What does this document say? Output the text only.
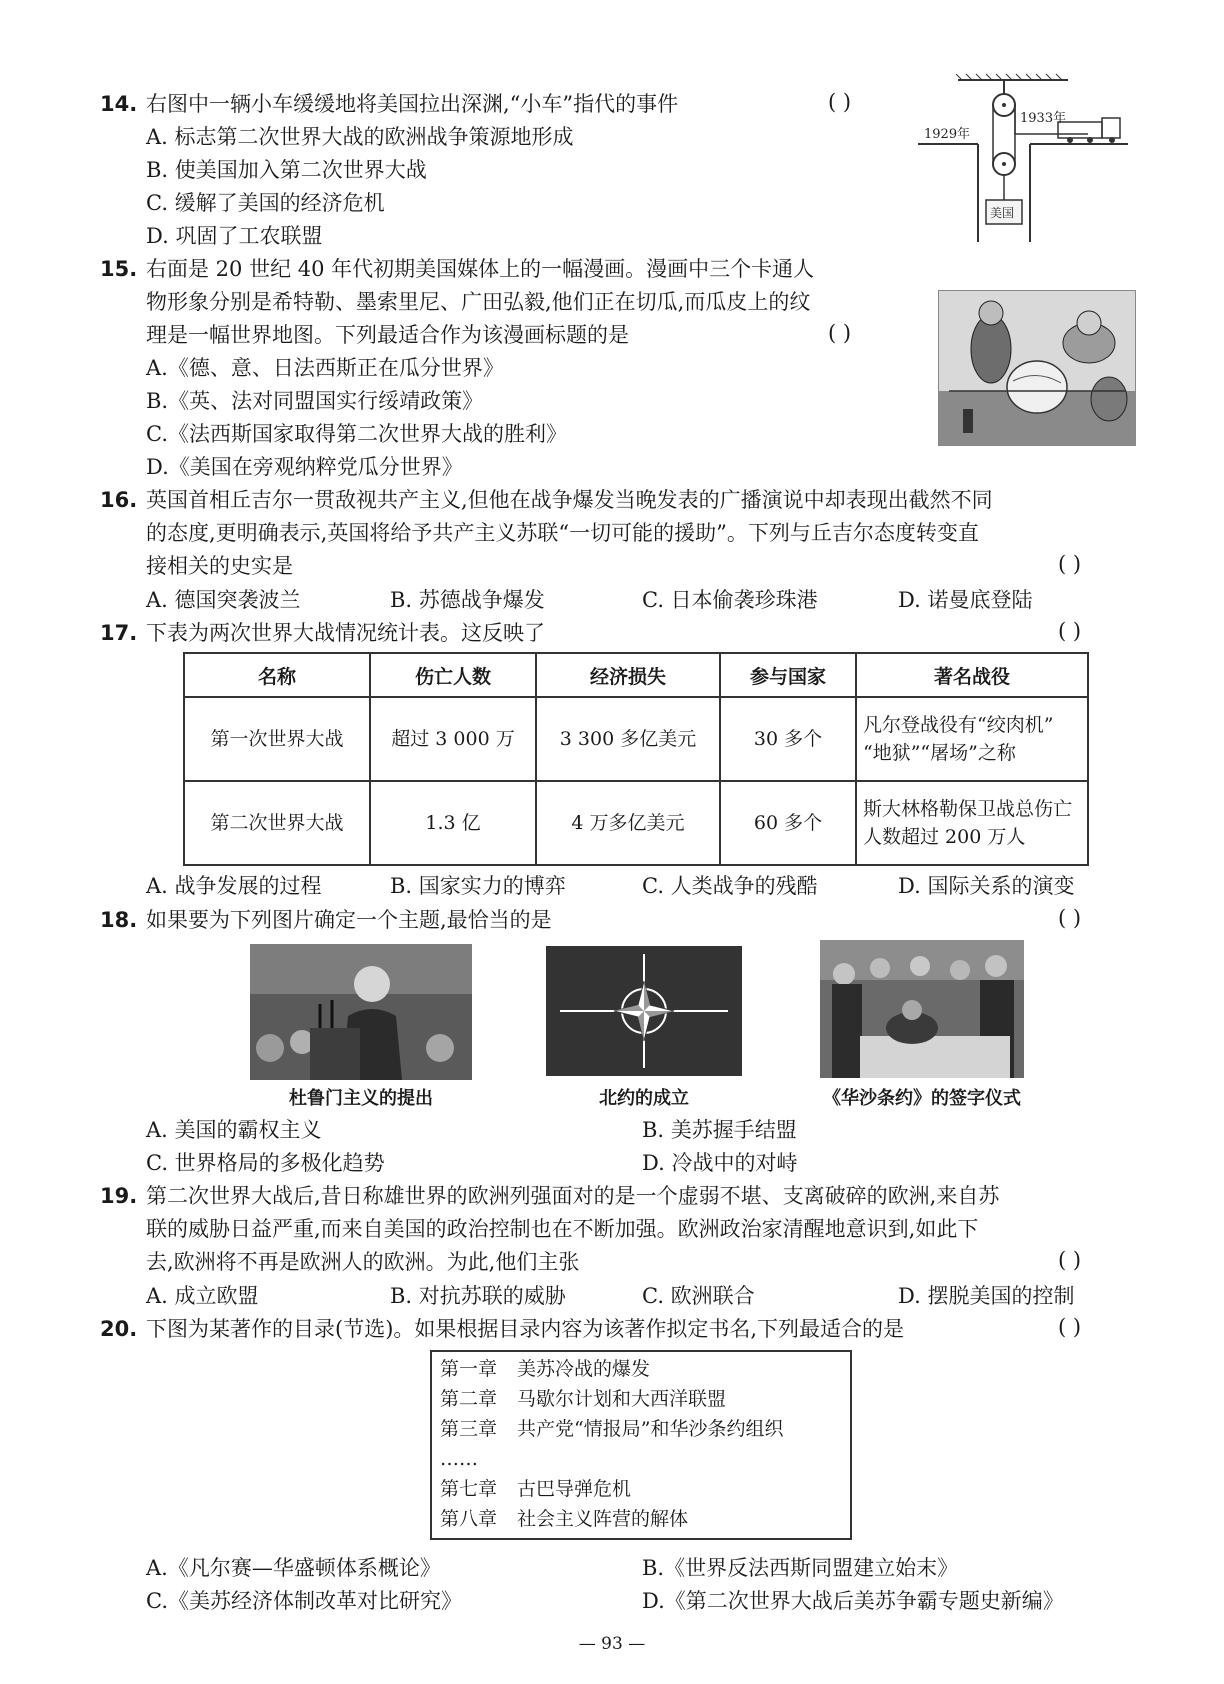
14. 右图中一辆小车缓缓地将美国拉出深渊,“小车”指代的事件	( )
A. 标志第二次世界大战的欧洲战争策源地形成
B. 使美国加入第二次世界大战
C. 缓解了美国的经济危机
D. 巩固了工农联盟
1929年
1933年
美国
15. 右面是 20 世纪 40 年代初期美国媒体上的一幅漫画。漫画中三个卡通人
物形象分别是希特勒、墨索里尼、广田弘毅,他们正在切瓜,而瓜皮上的纹
理是一幅世界地图。下列最适合作为该漫画标题的是	( )
A.《德、意、日法西斯正在瓜分世界》
B.《英、法对同盟国实行绥靖政策》
C.《法西斯国家取得第二次世界大战的胜利》
D.《美国在旁观纳粹党瓜分世界》
16. 英国首相丘吉尔一贯敌视共产主义,但他在战争爆发当晚发表的广播演说中却表现出截然不同
的态度,更明确表示,英国将给予共产主义苏联“一切可能的援助”。下列与丘吉尔态度转变直
接相关的史实是	( )
A. 德国突袭波兰	B. 苏德战争爆发	C. 日本偷袭珍珠港	D. 诺曼底登陆
17. 下表为两次世界大战情况统计表。这反映了	( )
名称	伤亡人数	经济损失	参与国家	著名战役
第一次世界大战	超过 3 000 万	3 300 多亿美元	30 多个	凡尔登战役有“绞肉机”
“地狱”“屠场”之称

第二次世界大战	1.3 亿	4 万多亿美元	60 多个	斯大林格勒保卫战总伤亡
人数超过 200 万人
A. 战争发展的过程	B. 国家实力的博弈	C. 人类战争的残酷	D. 国际关系的演变
18. 如果要为下列图片确定一个主题,最恰当的是	( )
杜鲁门主义的提出	北约的成立	《华沙条约》的签字仪式
A. 美国的霸权主义	B. 美苏握手结盟
C. 世界格局的多极化趋势	D. 冷战中的对峙
19. 第二次世界大战后,昔日称雄世界的欧洲列强面对的是一个虚弱不堪、支离破碎的欧洲,来自苏
联的威胁日益严重,而来自美国的政治控制也在不断加强。欧洲政治家清醒地意识到,如此下
去,欧洲将不再是欧洲人的欧洲。为此,他们主张	( )
A. 成立欧盟	B. 对抗苏联的威胁	C. 欧洲联合	D. 摆脱美国的控制
20. 下图为某著作的目录(节选)。如果根据目录内容为该著作拟定书名,下列最适合的是	( )
第一章 美苏冷战的爆发
第二章 马歇尔计划和大西洋联盟
第三章 共产党“情报局”和华沙条约组织
……
第七章 古巴导弹危机
第八章 社会主义阵营的解体
A.《凡尔赛—华盛顿体系概论》	B.《世界反法西斯同盟建立始末》
C.《美苏经济体制改革对比研究》	D.《第二次世界大战后美苏争霸专题史新编》
— 93 —
